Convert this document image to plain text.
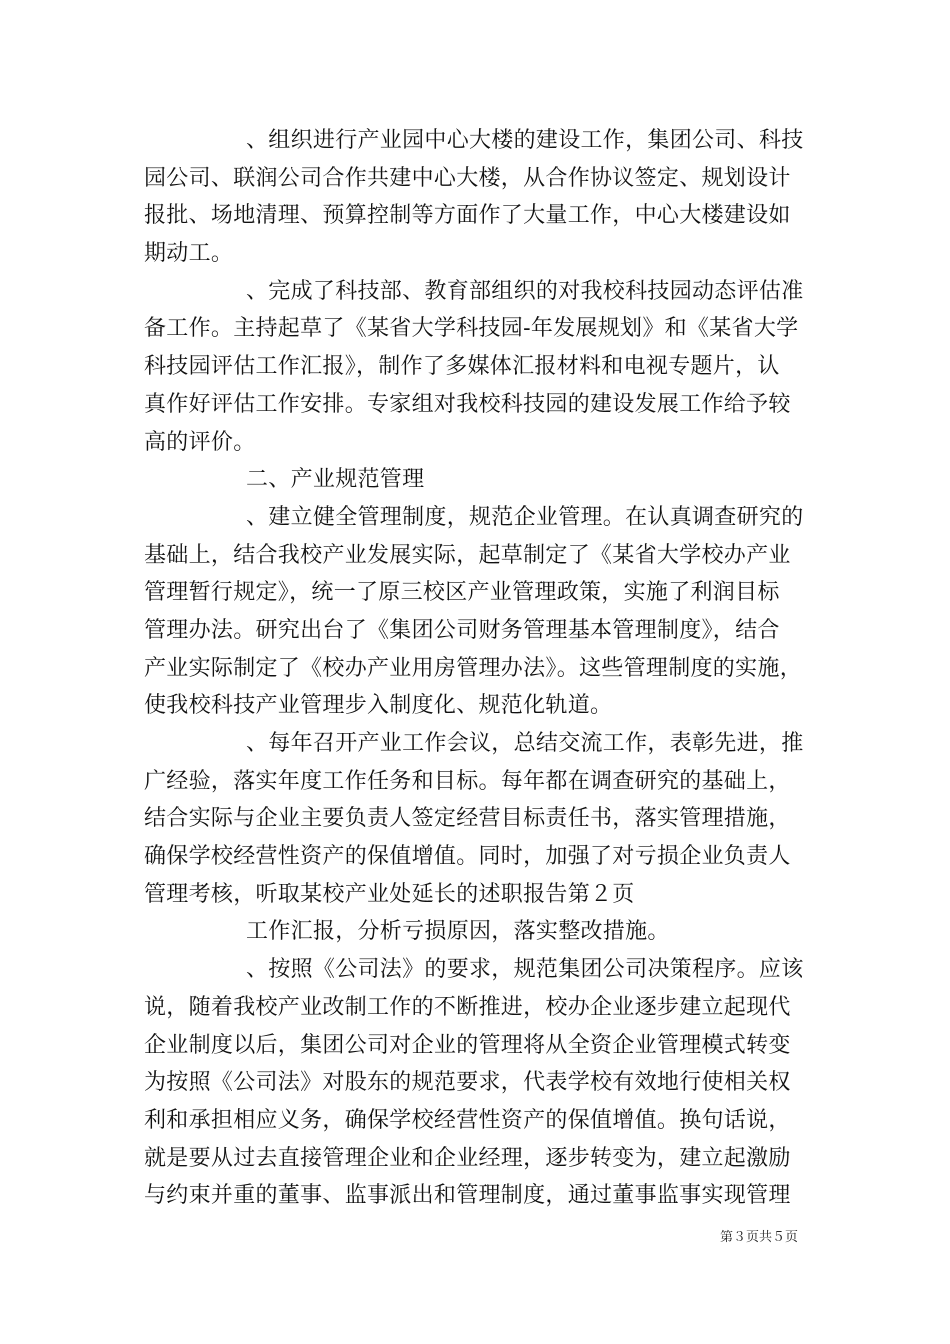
、组织进行产业园中心大楼的建设工作，集团公司、科技
园公司、联润公司合作共建中心大楼，从合作协议签定、规划设计
报批、场地清理、预算控制等方面作了大量工作，中心大楼建设如
期动工。
、完成了科技部、教育部组织的对我校科技园动态评估准
备工作。主持起草了《某省大学科技园-年发展规划》和《某省大学
科技园评估工作汇报》，制作了多媒体汇报材料和电视专题片，认
真作好评估工作安排。专家组对我校科技园的建设发展工作给予较
高的评价。
二、产业规范管理
、建立健全管理制度，规范企业管理。在认真调查研究的
基础上，结合我校产业发展实际，起草制定了《某省大学校办产业
管理暂行规定》，统一了原三校区产业管理政策，实施了利润目标
管理办法。研究出台了《集团公司财务管理基本管理制度》，结合
产业实际制定了《校办产业用房管理办法》。这些管理制度的实施，
使我校科技产业管理步入制度化、规范化轨道。
、每年召开产业工作会议，总结交流工作，表彰先进，推
广经验，落实年度工作任务和目标。每年都在调查研究的基础上，
结合实际与企业主要负责人签定经营目标责任书，落实管理措施，
确保学校经营性资产的保值增值。同时，加强了对亏损企业负责人
管理考核，听取某校产业处延长的述职报告第２页
工作汇报，分析亏损原因，落实整改措施。
、按照《公司法》的要求，规范集团公司决策程序。应该
说，随着我校产业改制工作的不断推进，校办企业逐步建立起现代
企业制度以后，集团公司对企业的管理将从全资企业管理模式转变
为按照《公司法》对股东的规范要求，代表学校有效地行使相关权
利和承担相应义务，确保学校经营性资产的保值增值。换句话说，
就是要从过去直接管理企业和企业经理，逐步转变为，建立起激励
与约束并重的董事、监事派出和管理制度，通过董事监事实现管理
第３页共５页
